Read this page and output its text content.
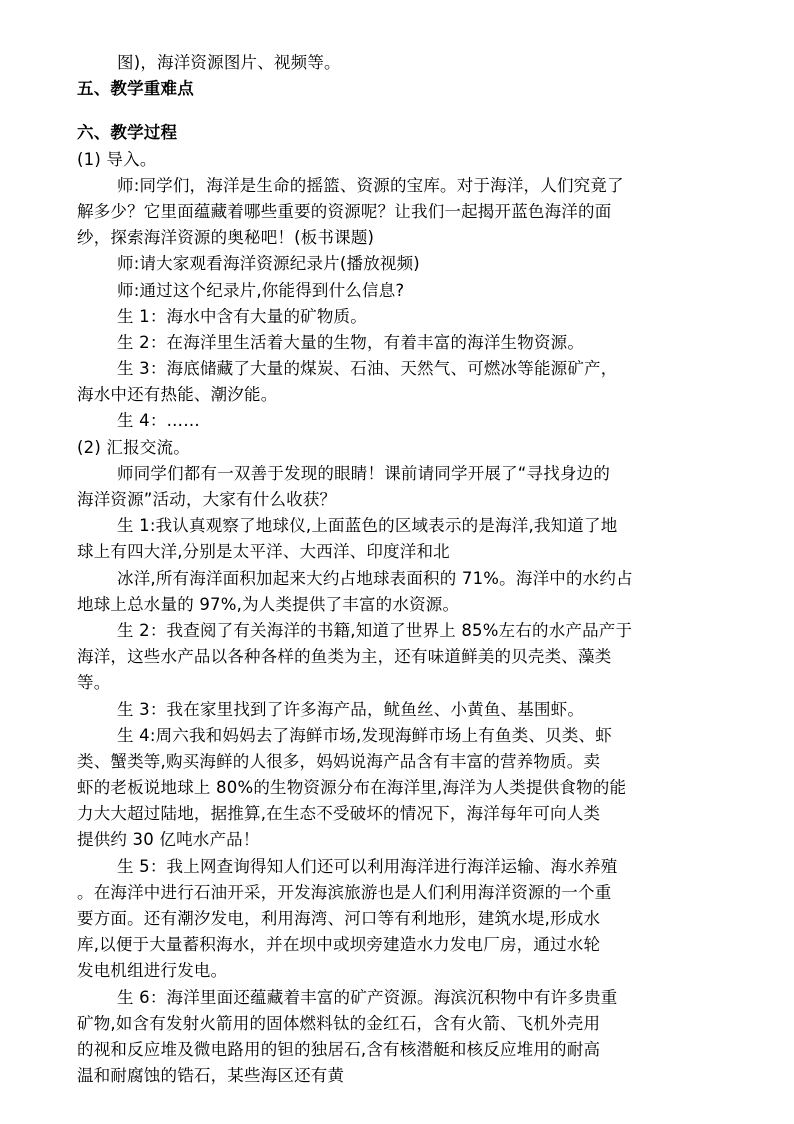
图)，海洋资源图片、视频等。
五、教学重难点
六、教学过程
(1) 导入。
师:同学们，海洋是生命的摇篮、资源的宝库。对于海洋，人们究竟了
解多少？它里面蕴藏着哪些重要的资源呢？让我们一起揭开蓝色海洋的面
纱，探索海洋资源的奥秘吧！(板书课题)
师:请大家观看海洋资源纪录片(播放视频)
师:通过这个纪录片,你能得到什么信息?
生 1：海水中含有大量的矿物质。
生 2：在海洋里生活着大量的生物，有着丰富的海洋生物资源。
生 3：海底储藏了大量的煤炭、石油、天然气、可燃冰等能源矿产，
海水中还有热能、潮汐能。
生 4：……
(2) 汇报交流。
师同学们都有一双善于发现的眼睛！课前请同学开展了“寻找身边的
海洋资源”活动，大家有什么收获？
生 1:我认真观察了地球仪,上面蓝色的区域表示的是海洋,我知道了地
球上有四大洋,分别是太平洋、大西洋、印度洋和北
冰洋,所有海洋面积加起来大约占地球表面积的 71%。海洋中的水约占
地球上总水量的 97%,为人类提供了丰富的水资源。
生 2：我查阅了有关海洋的书籍,知道了世界上 85%左右的水产品产于
海洋，这些水产品以各种各样的鱼类为主，还有味道鲜美的贝壳类、藻类
等。
生 3：我在家里找到了许多海产品，鱿鱼丝、小黄鱼、基围虾。
生 4:周六我和妈妈去了海鲜市场,发现海鲜市场上有鱼类、贝类、虾
类、蟹类等,购买海鲜的人很多，妈妈说海产品含有丰富的营养物质。卖
虾的老板说地球上 80%的生物资源分布在海洋里,海洋为人类提供食物的能
力大大超过陆地，据推算,在生态不受破坏的情况下，海洋每年可向人类
提供约 30 亿吨水产品！
生 5：我上网查询得知人们还可以利用海洋进行海洋运输、海水养殖
。在海洋中进行石油开采，开发海滨旅游也是人们利用海洋资源的一个重
要方面。还有潮汐发电，利用海湾、河口等有利地形，建筑水堤,形成水
库,以便于大量蓄积海水，并在坝中或坝旁建造水力发电厂房，通过水轮
发电机组进行发电。
生 6：海洋里面还蕴藏着丰富的矿产资源。海滨沉积物中有许多贵重
矿物,如含有发射火箭用的固体燃料钛的金红石，含有火箭、飞机外壳用
的视和反应堆及微电路用的钽的独居石,含有核潜艇和核反应堆用的耐高
温和耐腐蚀的锆石，某些海区还有黄
